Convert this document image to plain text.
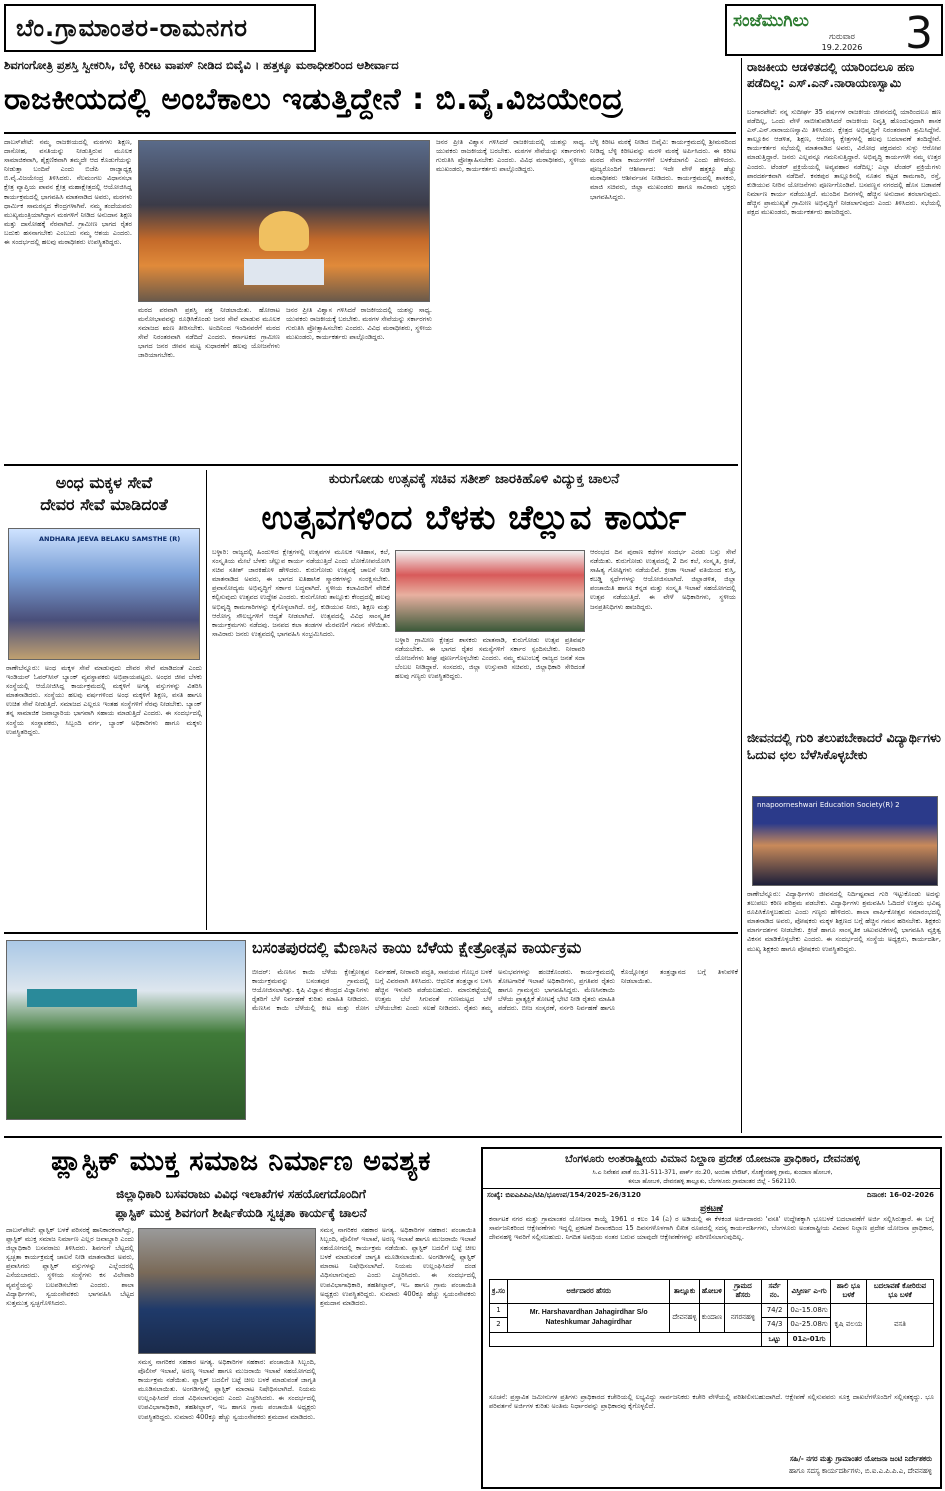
ಬೆಂ.ಗ್ರಾಮಾಂತರ-ರಾಮನಗರ	ಸಂಜೆಮುಗಿಲು
ಗುರುವಾರ
19.2.2026 3
ಶಿವಗಂಗೋತ್ರಿ ಪ್ರಶಸ್ತಿ ಸ್ವೀಕರಿಸಿ, ಬೆಳ್ಳಿ ಕಿರೀಟ ವಾಪಸ್ ನೀಡಿದ ಬಿವೈವಿ । ಹತ್ತಕ್ಕೂ ಮಠಾಧೀಶರಿಂದ ಆಶೀರ್ವಾದ
ರಾಜಕೀಯದಲ್ಲಿ ಅಂಬೆಕಾಲು ಇಡುತ್ತಿದ್ದೇನೆ : ಬಿ.ವೈ.ವಿಜಯೇಂದ್ರ
ದಾಬಸ್‌ಪೇಟೆ: ನಮ್ಮ ರಾಜಕೀಯದಲ್ಲಿ ಮಠಗಳು ಶಿಕ್ಷಣ, ದಾಸೋಹ, ವಸತಿಯನ್ನು ನೀಡುತ್ತಿರುವ ಮೂಲಕ ಸಾಮಾಜಿಕವಾಗಿ, ಶೈಕ್ಷಣಿಕವಾಗಿ ತಮ್ಮದೇ ಆದ ಕೊಡುಗೆಯನ್ನು ನೀಡುತ್ತಾ ಬಂದಿವೆ ಎಂದು ಬಿಜೆಪಿ ರಾಜ್ಯಾಧ್ಯಕ್ಷ ಬಿ.ವೈ.ವಿಜಯೇಂದ್ರ ತಿಳಿಸಿದರು. ನೆಲಮಂಗಲ ವಿಧಾನಸಭಾ ಕ್ಷೇತ್ರ ವ್ಯಾಪ್ತಿಯ ಪಾವನ ಕ್ಷೇತ್ರ ಮಹಾಕ್ಷೇತ್ರದಲ್ಲಿ ಆಯೋಜಿಸಿದ್ದ ಕಾರ್ಯಕ್ರಮದಲ್ಲಿ ಭಾಗವಹಿಸಿ ಮಾತನಾಡಿದ ಅವರು, ಮಠಗಳು ಧಾರ್ಮಿಕ ಸಾಮರಸ್ಯದ ಕೇಂದ್ರಗಳಾಗಿವೆ. ನಮ್ಮ ತಂದೆಯವರು ಮುಖ್ಯಮಂತ್ರಿಯಾಗಿದ್ದಾಗ ಮಠಗಳಿಗೆ ನೀಡಿದ ಅನುದಾನ ಶಿಕ್ಷಣ ಮತ್ತು ದಾಸೋಹಕ್ಕೆ ನೆರವಾಗಿದೆ. ಗ್ರಾಮೀಣ ಭಾಗದ ರೈತರ ಬದುಕು ಹಸನಾಗಬೇಕು ಎಂಬುದು ನಮ್ಮ ಆಶಯ ಎಂದರು. ಈ ಸಂದರ್ಭದಲ್ಲಿ ಹಲವು ಮಠಾಧೀಶರು ಉಪಸ್ಥಿತರಿದ್ದರು.
ಮಠದ ಪರವಾಗಿ ಪ್ರಶಸ್ತಿ ಪತ್ರ ನೀಡಲಾಯಿತು. ಹೋರಾಟ ಮನೋಭಾವವನ್ನು ರೂಢಿಸಿಕೊಂಡು ಜನರ ಸೇವೆ ಮಾಡುವ ಮೂಲಕ ಸಮಾಜದ ಋಣ ತೀರಿಸಬೇಕು. ಅಂದಿನಿಂದ ಇಂದಿನವರೆಗೆ ಮಠದ ಸೇವೆ ನಿರಂತರವಾಗಿ ನಡೆದಿದೆ ಎಂದರು. ಕರ್ನಾಟಕದ ಗ್ರಾಮೀಣ ಭಾಗದ ಜನರ ಜೀವನ ಮಟ್ಟ ಸುಧಾರಣೆಗೆ ಹಲವು ಯೋಜನೆಗಳು ಜಾರಿಯಾಗಬೇಕು.
ಜನರ ಪ್ರೀತಿ ವಿಶ್ವಾಸ ಗಳಿಸಿದರೆ ರಾಜಕೀಯದಲ್ಲಿ ಯಶಸ್ಸು ಸಾಧ್ಯ. ಯುವಕರು ರಾಜಕೀಯಕ್ಕೆ ಬರಬೇಕು. ಮಠಗಳ ಸೇವೆಯನ್ನು ಸರ್ಕಾರಗಳು ಗುರುತಿಸಿ ಪ್ರೋತ್ಸಾಹಿಸಬೇಕು ಎಂದರು. ವಿವಿಧ ಮಠಾಧೀಶರು, ಸ್ಥಳೀಯ ಮುಖಂಡರು, ಕಾರ್ಯಕರ್ತರು ಪಾಲ್ಗೊಂಡಿದ್ದರು.
ಜನರ ಪ್ರೀತಿ ವಿಶ್ವಾಸ ಗಳಿಸಿದರೆ ರಾಜಕೀಯದಲ್ಲಿ ಯಶಸ್ಸು ಸಾಧ್ಯ. ಯುವಕರು ರಾಜಕೀಯಕ್ಕೆ ಬರಬೇಕು. ಮಠಗಳ ಸೇವೆಯನ್ನು ಸರ್ಕಾರಗಳು ಗುರುತಿಸಿ ಪ್ರೋತ್ಸಾಹಿಸಬೇಕು ಎಂದರು. ವಿವಿಧ ಮಠಾಧೀಶರು, ಸ್ಥಳೀಯ ಮುಖಂಡರು, ಕಾರ್ಯಕರ್ತರು ಪಾಲ್ಗೊಂಡಿದ್ದರು.
ಬೆಳ್ಳಿ ಕಿರೀಟ ಮಠಕ್ಕೆ ನೀಡಿದ ಬಿವೈವಿ: ಕಾರ್ಯಕ್ರಮದಲ್ಲಿ ಶ್ರೀಮಠದಿಂದ ನೀಡಿದ್ದ ಬೆಳ್ಳಿ ಕಿರೀಟವನ್ನು ಮರಳಿ ಮಠಕ್ಕೆ ಅರ್ಪಿಸಿದರು. ಈ ಕಿರೀಟ ಮಠದ ಸೇವಾ ಕಾರ್ಯಗಳಿಗೆ ಬಳಕೆಯಾಗಲಿ ಎಂದು ಹೇಳಿದರು. ಪೂಜ್ಯರೊಂದಿಗೆ ಆಶೀರ್ವಾದ: ಇದೇ ವೇಳೆ ಹತ್ತಕ್ಕೂ ಹೆಚ್ಚು ಮಠಾಧೀಶರು ಆಶೀರ್ವಚನ ನೀಡಿದರು. ಕಾರ್ಯಕ್ರಮದಲ್ಲಿ ಶಾಸಕರು, ಮಾಜಿ ಸಚಿವರು, ಜಿಲ್ಲಾ ಮುಖಂಡರು ಹಾಗೂ ಸಾವಿರಾರು ಭಕ್ತರು ಭಾಗವಹಿಸಿದ್ದರು.
ರಾಜಕೀಯ ಆಡಳಿತದಲ್ಲಿ ಯಾರಿಂದಲೂ ಹಣ ಪಡೆದಿಲ್ಲ: ಎಸ್.ಎನ್.ನಾರಾಯಣಸ್ವಾಮಿ
ಬಂಗಾರಪೇಟೆ: ನನ್ನ ಸುದೀರ್ಘ 35 ವರ್ಷಗಳ ರಾಜಕೀಯ ಜೀವನದಲ್ಲಿ ಯಾರಿಂದಲೂ ಹಣ ಪಡೆದಿಲ್ಲ, ಒಂದು ವೇಳೆ ಸಾಬೀತುಪಡಿಸಿದರೆ ರಾಜಕೀಯ ನಿವೃತ್ತಿ ಹೊಂದುವುದಾಗಿ ಶಾಸಕ ಎಸ್.ಎನ್.ನಾರಾಯಣಸ್ವಾಮಿ ತಿಳಿಸಿದರು. ಕ್ಷೇತ್ರದ ಅಭಿವೃದ್ಧಿಗೆ ನಿರಂತರವಾಗಿ ಶ್ರಮಿಸಿದ್ದೇನೆ. ತಾಲ್ಲೂಕಿನ ಆಡಳಿತ, ಶಿಕ್ಷಣ, ಆರೋಗ್ಯ ಕ್ಷೇತ್ರಗಳಲ್ಲಿ ಹಲವು ಬದಲಾವಣೆ ತಂದಿದ್ದೇವೆ. ಕಾರ್ಯಕರ್ತರ ಸಭೆಯಲ್ಲಿ ಮಾತನಾಡಿದ ಅವರು, ವಿರೋಧ ಪಕ್ಷದವರು ಸುಳ್ಳು ಆರೋಪ ಮಾಡುತ್ತಿದ್ದಾರೆ. ಜನರು ಎಲ್ಲವನ್ನೂ ಗಮನಿಸುತ್ತಿದ್ದಾರೆ. ಅಭಿವೃದ್ಧಿ ಕಾರ್ಯಗಳೇ ನಮ್ಮ ಉತ್ತರ ಎಂದರು. ಟೆಂಡರ್ ಪ್ರಕ್ರಿಯೆಯಲ್ಲಿ ಅವ್ಯವಹಾರ ನಡೆದಿಲ್ಲ: ಎಲ್ಲಾ ಟೆಂಡರ್ ಪ್ರಕ್ರಿಯೆಗಳು ಪಾರದರ್ಶಕವಾಗಿ ನಡೆದಿವೆ. ಕನಕಪುರ ತಾಲ್ಲೂಕಿನಲ್ಲಿ ನೂತನ ಕಟ್ಟಡ ಕಾಮಗಾರಿ, ರಸ್ತೆ, ಕುಡಿಯುವ ನೀರಿನ ಯೋಜನೆಗಳು ಪೂರ್ಣಗೊಂಡಿವೆ. ಬಸವಣ್ಣನ ನಗರದಲ್ಲಿ ಹೊಸ ಬಡಾವಣೆ ನಿರ್ಮಾಣ ಕಾರ್ಯ ನಡೆಯುತ್ತಿದೆ. ಮುಂದಿನ ದಿನಗಳಲ್ಲಿ ಹೆಚ್ಚಿನ ಅನುದಾನ ತರಲಾಗುವುದು. ಹೆಚ್ಚಿನ ಪ್ರಾಮುಖ್ಯತೆ ಗ್ರಾಮೀಣ ಅಭಿವೃದ್ಧಿಗೆ ನೀಡಲಾಗುವುದು ಎಂದು ತಿಳಿಸಿದರು. ಸಭೆಯಲ್ಲಿ ಪಕ್ಷದ ಮುಖಂಡರು, ಕಾರ್ಯಕರ್ತರು ಹಾಜರಿದ್ದರು.
ಜೀವನದಲ್ಲಿ ಗುರಿ ತಲುಪಬೇಕಾದರೆ ವಿದ್ಯಾರ್ಥಿಗಳು ಓದುವ ಛಲ ಬೆಳೆಸಿಕೊಳ್ಳಬೇಕು
nnapoorneshwari Education Society(R) 2
ರಾಣೇಬೆನ್ನೂರು: ವಿದ್ಯಾರ್ಥಿಗಳು ಜೀವನದಲ್ಲಿ ನಿರ್ದಿಷ್ಟವಾದ ಗುರಿ ಇಟ್ಟುಕೊಂಡು ಅದನ್ನು ತಲುಪಲು ಕಠಿಣ ಪರಿಶ್ರಮ ಪಡಬೇಕು. ವಿದ್ಯಾರ್ಥಿಗಳು ಶ್ರಮವಹಿಸಿ ಓದಿದರೆ ಉತ್ತಮ ಭವಿಷ್ಯ ರೂಪಿಸಿಕೊಳ್ಳಬಹುದು ಎಂದು ಗಣ್ಯರು ಹೇಳಿದರು. ಶಾಲಾ ವಾರ್ಷಿಕೋತ್ಸವ ಸಮಾರಂಭದಲ್ಲಿ ಮಾತನಾಡಿದ ಅವರು, ಪೋಷಕರು ಮಕ್ಕಳ ಶಿಕ್ಷಣದ ಬಗ್ಗೆ ಹೆಚ್ಚಿನ ಗಮನ ಹರಿಸಬೇಕು. ಶಿಕ್ಷಕರು ಮಾರ್ಗದರ್ಶನ ನೀಡಬೇಕು. ಕ್ರೀಡೆ ಹಾಗೂ ಸಾಂಸ್ಕೃತಿಕ ಚಟುವಟಿಕೆಗಳಲ್ಲಿ ಭಾಗವಹಿಸಿ ವ್ಯಕ್ತಿತ್ವ ವಿಕಸನ ಮಾಡಿಕೊಳ್ಳಬೇಕು ಎಂದರು. ಈ ಸಂದರ್ಭದಲ್ಲಿ ಸಂಸ್ಥೆಯ ಅಧ್ಯಕ್ಷರು, ಕಾರ್ಯದರ್ಶಿ, ಮುಖ್ಯ ಶಿಕ್ಷಕರು ಹಾಗೂ ಪೋಷಕರು ಉಪಸ್ಥಿತರಿದ್ದರು.
ಅಂಧ ಮಕ್ಕಳ ಸೇವೆ
ದೇವರ ಸೇವೆ ಮಾಡಿದಂತೆ
ANDHARA JEEVA BELAKU SAMSTHE (R)
ರಾಣೇಬೆನ್ನೂರು: ಅಂಧ ಮಕ್ಕಳ ಸೇವೆ ಮಾಡುವುದು ದೇವರ ಸೇವೆ ಮಾಡಿದಂತೆ ಎಂದು ಇಂಡಿಯನ್ ಓವರ್‌ಸೀಸ್ ಬ್ಯಾಂಕ್ ವ್ಯವಸ್ಥಾಪಕರು ಅಭಿಪ್ರಾಯಪಟ್ಟರು. ಅಂಧರ ಜೀವ ಬೆಳಕು ಸಂಸ್ಥೆಯಲ್ಲಿ ಆಯೋಜಿಸಿದ್ದ ಕಾರ್ಯಕ್ರಮದಲ್ಲಿ ಮಕ್ಕಳಿಗೆ ಅಗತ್ಯ ವಸ್ತುಗಳನ್ನು ವಿತರಿಸಿ ಮಾತನಾಡಿದರು. ಸಂಸ್ಥೆಯು ಹಲವು ವರ್ಷಗಳಿಂದ ಅಂಧ ಮಕ್ಕಳಿಗೆ ಶಿಕ್ಷಣ, ವಸತಿ ಹಾಗೂ ಉಚಿತ ಸೇವೆ ನೀಡುತ್ತಿದೆ. ಸಮಾಜದ ಎಲ್ಲರೂ ಇಂತಹ ಸಂಸ್ಥೆಗಳಿಗೆ ನೆರವು ನೀಡಬೇಕು. ಬ್ಯಾಂಕ್ ತನ್ನ ಸಾಮಾಜಿಕ ಜವಾಬ್ದಾರಿಯ ಭಾಗವಾಗಿ ಸಹಾಯ ಮಾಡುತ್ತಿದೆ ಎಂದರು. ಈ ಸಂದರ್ಭದಲ್ಲಿ ಸಂಸ್ಥೆಯ ಸಂಸ್ಥಾಪಕರು, ಸಿಬ್ಬಂದಿ ವರ್ಗ, ಬ್ಯಾಂಕ್ ಅಧಿಕಾರಿಗಳು ಹಾಗೂ ಮಕ್ಕಳು ಉಪಸ್ಥಿತರಿದ್ದರು.
ಕುರುಗೋಡು ಉತ್ಸವಕ್ಕೆ ಸಚಿವ ಸತೀಶ್ ಜಾರಕಿಹೊಳಿ ವಿದ್ಯುಕ್ತ ಚಾಲನೆ
ಉತ್ಸವಗಳಿಂದ ಬೆಳಕು ಚೆಲ್ಲುವ ಕಾರ್ಯ
ಬಳ್ಳಾರಿ: ರಾಜ್ಯದಲ್ಲಿ ಹಿಂದುಳಿದ ಕ್ಷೇತ್ರಗಳಲ್ಲಿ ಉತ್ಸವಗಳ ಮೂಲಕ ಇತಿಹಾಸ, ಕಲೆ, ಸಂಸ್ಕೃತಿಯ ಮೇಲೆ ಬೆಳಕು ಚೆಲ್ಲುವ ಕಾರ್ಯ ನಡೆಯುತ್ತಿದೆ ಎಂದು ಲೋಕೋಪಯೋಗಿ ಸಚಿವ ಸತೀಶ್ ಜಾರಕಿಹೊಳಿ ಹೇಳಿದರು. ಕುರುಗೋಡು ಉತ್ಸವಕ್ಕೆ ಚಾಲನೆ ನೀಡಿ ಮಾತನಾಡಿದ ಅವರು, ಈ ಭಾಗದ ಐತಿಹಾಸಿಕ ಸ್ಮಾರಕಗಳನ್ನು ಸಂರಕ್ಷಿಸಬೇಕು. ಪ್ರವಾಸೋದ್ಯಮ ಅಭಿವೃದ್ಧಿಗೆ ಸರ್ಕಾರ ಬದ್ಧವಾಗಿದೆ. ಸ್ಥಳೀಯ ಕಲಾವಿದರಿಗೆ ವೇದಿಕೆ ಕಲ್ಪಿಸುವುದು ಉತ್ಸವದ ಉದ್ದೇಶ ಎಂದರು. ಕುರುಗೋಡು ತಾಲ್ಲೂಕು ಕೇಂದ್ರದಲ್ಲಿ ಹಲವು ಅಭಿವೃದ್ಧಿ ಕಾಮಗಾರಿಗಳನ್ನು ಕೈಗೊಳ್ಳಲಾಗಿದೆ. ರಸ್ತೆ, ಕುಡಿಯುವ ನೀರು, ಶಿಕ್ಷಣ ಮತ್ತು ಆರೋಗ್ಯ ಸೌಲಭ್ಯಗಳಿಗೆ ಆದ್ಯತೆ ನೀಡಲಾಗಿದೆ. ಉತ್ಸವದಲ್ಲಿ ವಿವಿಧ ಸಾಂಸ್ಕೃತಿಕ ಕಾರ್ಯಕ್ರಮಗಳು ನಡೆದವು. ಜನಪದ ಕಲಾ ತಂಡಗಳ ಮೆರವಣಿಗೆ ಗಮನ ಸೆಳೆಯಿತು. ಸಾವಿರಾರು ಜನರು ಉತ್ಸವದಲ್ಲಿ ಭಾಗವಹಿಸಿ ಸಂಭ್ರಮಿಸಿದರು.
ಬಳ್ಳಾರಿ ಗ್ರಾಮೀಣ ಕ್ಷೇತ್ರದ ಶಾಸಕರು ಮಾತನಾಡಿ, ಕುರುಗೋಡು ಉತ್ಸವ ಪ್ರತಿವರ್ಷ ನಡೆಯಬೇಕು. ಈ ಭಾಗದ ರೈತರ ಸಮಸ್ಯೆಗಳಿಗೆ ಸರ್ಕಾರ ಸ್ಪಂದಿಸಬೇಕು. ನೀರಾವರಿ ಯೋಜನೆಗಳು ಶೀಘ್ರ ಪೂರ್ಣಗೊಳ್ಳಬೇಕು ಎಂದರು. ನಮ್ಮ ಕುಟುಂಬಕ್ಕೆ ರಾಜ್ಯದ ಜನತೆ ಸದಾ ಬೆಂಬಲ ನೀಡಿದ್ದಾರೆ. ಸಂಸದರು, ಜಿಲ್ಲಾ ಉಸ್ತುವಾರಿ ಸಚಿವರು, ಜಿಲ್ಲಾಧಿಕಾರಿ ಸೇರಿದಂತೆ ಹಲವು ಗಣ್ಯರು ಉಪಸ್ಥಿತರಿದ್ದರು.
ಆರಂಭದ ದಿನ ಪುರಾಣ ಕಥೆಗಳ ಸಂದರ್ಭ ಎರಡು ಬಸ್ತು ಸೇವೆ ನಡೆಯಿತು. ಕುರುಗೋಡು ಉತ್ಸವದಲ್ಲಿ 2 ದಿನ ಕಲೆ, ಸಂಸ್ಕೃತಿ, ಕ್ರೀಡೆ, ಸಾಹಿತ್ಯ ಗೋಷ್ಠಿಗಳು ನಡೆಯಲಿವೆ. ಕ್ರೀಡಾ ಇಲಾಖೆ ವತಿಯಿಂದ ಕುಸ್ತಿ, ಕಬಡ್ಡಿ ಸ್ಪರ್ಧೆಗಳನ್ನು ಆಯೋಜಿಸಲಾಗಿದೆ. ಜಿಲ್ಲಾಡಳಿತ, ಜಿಲ್ಲಾ ಪಂಚಾಯಿತಿ ಹಾಗೂ ಕನ್ನಡ ಮತ್ತು ಸಂಸ್ಕೃತಿ ಇಲಾಖೆ ಸಹಯೋಗದಲ್ಲಿ ಉತ್ಸವ ನಡೆಯುತ್ತಿದೆ. ಈ ವೇಳೆ ಅಧಿಕಾರಿಗಳು, ಸ್ಥಳೀಯ ಜನಪ್ರತಿನಿಧಿಗಳು ಹಾಜರಿದ್ದರು.
ಬಸಂತಪುರದಲ್ಲಿ ಮೆಣಸಿನ ಕಾಯಿ ಬೆಳೆಯ ಕ್ಷೇತ್ರೋತ್ಸವ ಕಾರ್ಯಕ್ರಮ
ಬೀದರ್: ಮೆಣಸಿನ ಕಾಯಿ ಬೆಳೆಯ ಕ್ಷೇತ್ರೋತ್ಸವ ಕಾರ್ಯಕ್ರಮವನ್ನು ಬಸಂತಪುರ ಗ್ರಾಮದಲ್ಲಿ ಆಯೋಜಿಸಲಾಗಿತ್ತು. ಕೃಷಿ ವಿಜ್ಞಾನ ಕೇಂದ್ರದ ವಿಜ್ಞಾನಿಗಳು ರೈತರಿಗೆ ಬೆಳೆ ನಿರ್ವಹಣೆ ಕುರಿತು ಮಾಹಿತಿ ನೀಡಿದರು. ಮೆಣಸಿನ ಕಾಯಿ ಬೆಳೆಯಲ್ಲಿ ಕೀಟ ಮತ್ತು ರೋಗ ನಿರ್ವಹಣೆ, ನೀರಾವರಿ ಪದ್ಧತಿ, ಸಾವಯವ ಗೊಬ್ಬರ ಬಳಕೆ ಬಗ್ಗೆ ವಿವರವಾಗಿ ತಿಳಿಸಿದರು. ಆಧುನಿಕ ತಂತ್ರಜ್ಞಾನ ಬಳಸಿ ಹೆಚ್ಚಿನ ಇಳುವರಿ ಪಡೆಯಬಹುದು. ಮಾರುಕಟ್ಟೆಯಲ್ಲಿ ಉತ್ತಮ ಬೆಲೆ ಸಿಗುವಂತೆ ಗುಣಮಟ್ಟದ ಬೆಳೆ ಬೆಳೆಯಬೇಕು ಎಂದು ಸಲಹೆ ನೀಡಿದರು. ರೈತರು ತಮ್ಮ ಅನುಭವಗಳನ್ನು ಹಂಚಿಕೊಂಡರು. ಕಾರ್ಯಕ್ರಮದಲ್ಲಿ ತೋಟಗಾರಿಕೆ ಇಲಾಖೆ ಅಧಿಕಾರಿಗಳು, ಪ್ರಗತಿಪರ ರೈತರು ಹಾಗೂ ಗ್ರಾಮಸ್ಥರು ಭಾಗವಹಿಸಿದ್ದರು. ಮೆಣಸಿನಕಾಯಿ ಬೆಳೆಯ ಪ್ರಾತ್ಯಕ್ಷಿಕೆ ತೋಟಕ್ಕೆ ಭೇಟಿ ನೀಡಿ ರೈತರು ಮಾಹಿತಿ ಪಡೆದರು. ಬೀಜ ಸಂಸ್ಕರಣೆ, ನರ್ಸರಿ ನಿರ್ವಹಣೆ ಹಾಗೂ ಕೊಯ್ಲೋತ್ತರ ತಂತ್ರಜ್ಞಾನದ ಬಗ್ಗೆ ತಿಳುವಳಿಕೆ ನೀಡಲಾಯಿತು.
ಪ್ಲಾಸ್ಟಿಕ್ ಮುಕ್ತ ಸಮಾಜ ನಿರ್ಮಾಣ ಅವಶ್ಯಕ
ಜಿಲ್ಲಾಧಿಕಾರಿ ಬಸವರಾಜು ವಿವಿಧ ಇಲಾಖೆಗಳ ಸಹಯೋಗದೊಂದಿಗೆ
ಪ್ಲಾಸ್ಟಿಕ್ ಮುಕ್ತ ಶಿವಗಂಗೆ ಶೀರ್ಷಿಕೆಯಡಿ ಸ್ವಚ್ಛತಾ ಕಾರ್ಯಕ್ಕೆ ಚಾಲನೆ
ದಾಬಸ್‌ಪೇಟೆ: ಪ್ಲಾಸ್ಟಿಕ್ ಬಳಕೆ ಪರಿಸರಕ್ಕೆ ಹಾನಿಕಾರಕವಾಗಿದ್ದು, ಪ್ಲಾಸ್ಟಿಕ್ ಮುಕ್ತ ಸಮಾಜ ನಿರ್ಮಾಣ ಎಲ್ಲರ ಜವಾಬ್ದಾರಿ ಎಂದು ಜಿಲ್ಲಾಧಿಕಾರಿ ಬಸವರಾಜು ತಿಳಿಸಿದರು. ಶಿವಗಂಗೆ ಬೆಟ್ಟದಲ್ಲಿ ಸ್ವಚ್ಛತಾ ಕಾರ್ಯಕ್ರಮಕ್ಕೆ ಚಾಲನೆ ನೀಡಿ ಮಾತನಾಡಿದ ಅವರು, ಪ್ರವಾಸಿಗರು ಪ್ಲಾಸ್ಟಿಕ್ ವಸ್ತುಗಳನ್ನು ಎಲ್ಲೆಂದರಲ್ಲಿ ಎಸೆಯಬಾರದು. ಸ್ಥಳೀಯ ಸಂಸ್ಥೆಗಳು ಕಸ ವಿಲೇವಾರಿ ವ್ಯವಸ್ಥೆಯನ್ನು ಬಲಪಡಿಸಬೇಕು ಎಂದರು. ಶಾಲಾ ವಿದ್ಯಾರ್ಥಿಗಳು, ಸ್ವಯಂಸೇವಕರು ಭಾಗವಹಿಸಿ ಬೆಟ್ಟದ ಸುತ್ತಮುತ್ತ ಸ್ವಚ್ಛಗೊಳಿಸಿದರು.
ಸಮಸ್ತ ನಾಗರಿಕರ ಸಹಕಾರ ಅಗತ್ಯ. ಅಧಿಕಾರಿಗಳ ಸಹಕಾರ: ಪಂಚಾಯಿತಿ ಸಿಬ್ಬಂದಿ, ಪೊಲೀಸ್ ಇಲಾಖೆ, ಅರಣ್ಯ ಇಲಾಖೆ ಹಾಗೂ ಮುಜರಾಯಿ ಇಲಾಖೆ ಸಹಯೋಗದಲ್ಲಿ ಕಾರ್ಯಕ್ರಮ ನಡೆಯಿತು. ಪ್ಲಾಸ್ಟಿಕ್ ಬದಲಿಗೆ ಬಟ್ಟೆ ಚೀಲ ಬಳಕೆ ಮಾಡುವಂತೆ ಜಾಗೃತಿ ಮೂಡಿಸಲಾಯಿತು. ಅಂಗಡಿಗಳಲ್ಲಿ ಪ್ಲಾಸ್ಟಿಕ್ ಮಾರಾಟ ನಿಷೇಧಿಸಲಾಗಿದೆ. ನಿಯಮ ಉಲ್ಲಂಘಿಸಿದರೆ ದಂಡ ವಿಧಿಸಲಾಗುವುದು ಎಂದು ಎಚ್ಚರಿಸಿದರು. ಈ ಸಂದರ್ಭದಲ್ಲಿ ಉಪವಿಭಾಗಾಧಿಕಾರಿ, ತಹಶೀಲ್ದಾರ್, ಇಒ ಹಾಗೂ ಗ್ರಾಮ ಪಂಚಾಯಿತಿ ಅಧ್ಯಕ್ಷರು ಉಪಸ್ಥಿತರಿದ್ದರು. ಸುಮಾರು 400ಕ್ಕೂ ಹೆಚ್ಚು ಸ್ವಯಂಸೇವಕರು ಶ್ರಮದಾನ ಮಾಡಿದರು.
ಸಮಸ್ತ ನಾಗರಿಕರ ಸಹಕಾರ ಅಗತ್ಯ. ಅಧಿಕಾರಿಗಳ ಸಹಕಾರ: ಪಂಚಾಯಿತಿ ಸಿಬ್ಬಂದಿ, ಪೊಲೀಸ್ ಇಲಾಖೆ, ಅರಣ್ಯ ಇಲಾಖೆ ಹಾಗೂ ಮುಜರಾಯಿ ಇಲಾಖೆ ಸಹಯೋಗದಲ್ಲಿ ಕಾರ್ಯಕ್ರಮ ನಡೆಯಿತು. ಪ್ಲಾಸ್ಟಿಕ್ ಬದಲಿಗೆ ಬಟ್ಟೆ ಚೀಲ ಬಳಕೆ ಮಾಡುವಂತೆ ಜಾಗೃತಿ ಮೂಡಿಸಲಾಯಿತು. ಅಂಗಡಿಗಳಲ್ಲಿ ಪ್ಲಾಸ್ಟಿಕ್ ಮಾರಾಟ ನಿಷೇಧಿಸಲಾಗಿದೆ. ನಿಯಮ ಉಲ್ಲಂಘಿಸಿದರೆ ದಂಡ ವಿಧಿಸಲಾಗುವುದು ಎಂದು ಎಚ್ಚರಿಸಿದರು. ಈ ಸಂದರ್ಭದಲ್ಲಿ ಉಪವಿಭಾಗಾಧಿಕಾರಿ, ತಹಶೀಲ್ದಾರ್, ಇಒ ಹಾಗೂ ಗ್ರಾಮ ಪಂಚಾಯಿತಿ ಅಧ್ಯಕ್ಷರು ಉಪಸ್ಥಿತರಿದ್ದರು. ಸುಮಾರು 400ಕ್ಕೂ ಹೆಚ್ಚು ಸ್ವಯಂಸೇವಕರು ಶ್ರಮದಾನ ಮಾಡಿದರು.
ಬೆಂಗಳೂರು ಅಂತರಾಷ್ಟ್ರೀಯ ವಿಮಾನ ನಿಲ್ದಾಣ ಪ್ರದೇಶ ಯೋಜನಾ ಪ್ರಾಧಿಕಾರ, ದೇವನಹಳ್ಳಿ
ಸಿ.ಎ ನಿವೇಶನ ಖಾತೆ ನಂ.31-511-371, ಪಾರ್ಕ್ ನಂ.20, ಅಂಬಿಕಾ ಲೇಔಟ್, ಸೊಣ್ಣೇನಹಳ್ಳಿ ಗ್ರಾಮ, ಕುಂದಾಣ ಹೋಬಳಿ,
ಕಸಬಾ ಹೋಬಳಿ, ದೇವನಹಳ್ಳಿ ತಾಲ್ಲೂಕು, ಬೆಂಗಳೂರು ಗ್ರಾಮಾಂತರ ಜಿಲ್ಲೆ - 562110.
ಸಂಖ್ಯೆ: ಬಿಐಎಪಿಪಿಎ/ಟಿಪಿ/ಭೂಉಪ/154/2025-26/3120	ದಿನಾಂಕ: 16-02-2026
ಪ್ರಕಟಣೆ
ಕರ್ನಾಟಕ ನಗರ ಮತ್ತು ಗ್ರಾಮಾಂತರ ಯೋಜನಾ ಕಾಯ್ದೆ 1961 ರ ಕಲಂ 14 (ಎ) ರ ಅಡಿಯಲ್ಲಿ ಈ ಕೆಳಕಂಡ ಅರ್ಜಿದಾರರು 'ವಸತಿ' ಉದ್ದೇಶಕ್ಕಾಗಿ ಭೂಬಳಕೆ ಬದಲಾವಣೆಗೆ ಅರ್ಜಿ ಸಲ್ಲಿಸಿರುತ್ತಾರೆ. ಈ ಬಗ್ಗೆ ಸಾರ್ವಜನಿಕರಿಂದ ಆಕ್ಷೇಪಣೆಗಳು ಇದ್ದಲ್ಲಿ ಪ್ರಕಟಣೆ ದಿನಾಂಕದಿಂದ 15 ದಿವಸಗಳೊಳಗಾಗಿ ಲಿಖಿತ ರೂಪದಲ್ಲಿ ಸದಸ್ಯ ಕಾರ್ಯದರ್ಶಿಗಳು, ಬೆಂಗಳೂರು ಅಂತರಾಷ್ಟ್ರೀಯ ವಿಮಾನ ನಿಲ್ದಾಣ ಪ್ರದೇಶ ಯೋಜನಾ ಪ್ರಾಧಿಕಾರ, ದೇವನಹಳ್ಳಿ ಇವರಿಗೆ ಸಲ್ಲಿಸಬಹುದು. ನಿಗದಿತ ಅವಧಿಯ ನಂತರ ಬರುವ ಯಾವುದೇ ಆಕ್ಷೇಪಣೆಗಳನ್ನು ಪರಿಗಣಿಸಲಾಗುವುದಿಲ್ಲ.
ಕ್ರ.ಸಂ	ಅರ್ಜಿದಾರರ ಹೆಸರು	ತಾಲ್ಲೂಕು	ಹೋಬಳಿ	ಗ್ರಾಮದ ಹೆಸರು	ಸರ್ವೆ ನಂ.	ವಿಸ್ತೀರ್ಣ ಎ-ಗು	ಹಾಲಿ ಭೂ ಬಳಕೆ	ಬದಲಾವಣೆ ಕೋರಿರುವ ಭೂ ಬಳಕೆ
1	Mr. Harshavardhan Jahagirdhar S/o Nateshkumar Jahagirdhar	ದೇವನಹಳ್ಳಿ	ಕುಂದಾಣ	ನಗರನಹಳ್ಳಿ	74/2	0ಎ-15.08ಗು	ಕೃಷಿ ವಲಯ	ವಸತಿ
2					74/3	0ಎ-25.08ಗು		
					ಒಟ್ಟು	01ಎ-01ಗು		
ಸೂಚನೆ: ಪ್ರಸ್ತಾವಿತ ಜಮೀನುಗಳ ಪ್ರತಿಗಳು ಪ್ರಾಧಿಕಾರದ ಕಚೇರಿಯಲ್ಲಿ ಲಭ್ಯವಿದ್ದು ಸಾರ್ವಜನಿಕರು ಕಚೇರಿ ವೇಳೆಯಲ್ಲಿ ಪರಿಶೀಲಿಸಬಹುದಾಗಿದೆ. ಆಕ್ಷೇಪಣೆ ಸಲ್ಲಿಸುವವರು ಸೂಕ್ತ ದಾಖಲೆಗಳೊಂದಿಗೆ ಸಲ್ಲಿಸತಕ್ಕದ್ದು. ಭೂ ಪರಿವರ್ತನೆ ಅರ್ಜಿಗಳ ಕುರಿತು ಅಂತಿಮ ನಿರ್ಧಾರವನ್ನು ಪ್ರಾಧಿಕಾರವು ಕೈಗೊಳ್ಳಲಿದೆ.
ಸಹಿ/- ನಗರ ಮತ್ತು ಗ್ರಾಮಾಂತರ ಯೋಜನಾ ಜಂಟಿ ನಿರ್ದೇಶಕರು
ಹಾಗೂ ಸದಸ್ಯ ಕಾರ್ಯದರ್ಶಿಗಳು, ಬಿ.ಐ.ಎ.ಪಿ.ಪಿ.ಎ, ದೇವನಹಳ್ಳಿ
